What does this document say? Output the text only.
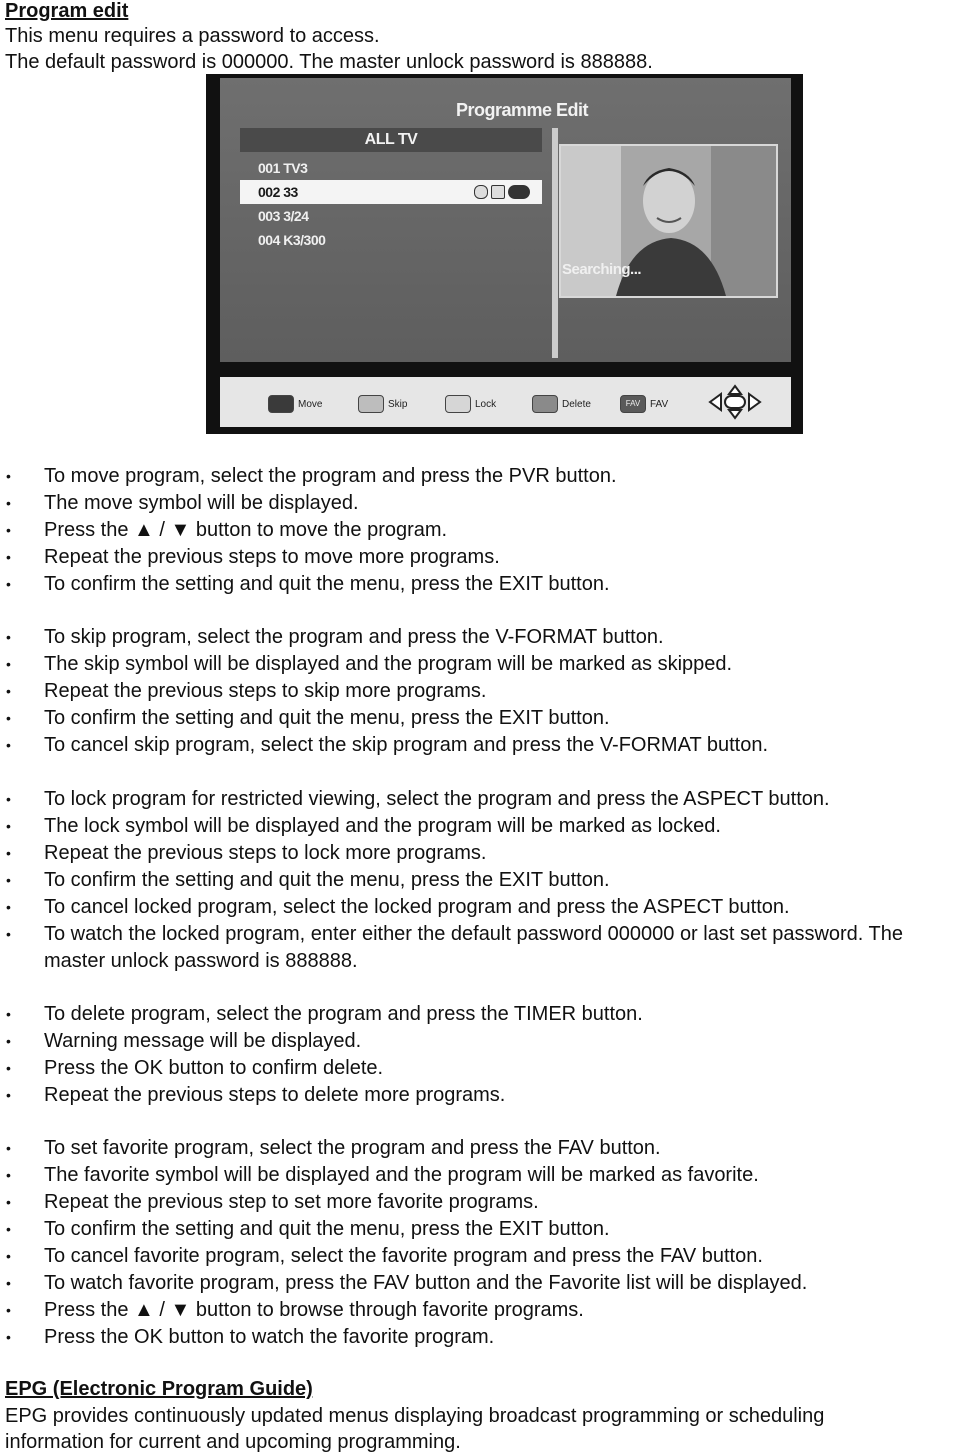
Program edit
This menu requires a password to access.
The default password is 000000. The master unlock password is 888888.
Programme Edit
ALL TV
001 TV3
002 33
003 3/24
004 K3/300
Searching...
Move	Skip	Lock	Delete	FAV FAV
• To move program, select the program and press the PVR button.
• The move symbol will be displayed.
• Press the ▲ / ▼ button to move the program.
• Repeat the previous steps to move more programs.
• To confirm the setting and quit the menu, press the EXIT button.
• To skip program, select the program and press the V-FORMAT button.
• The skip symbol will be displayed and the program will be marked as skipped.
• Repeat the previous steps to skip more programs.
• To confirm the setting and quit the menu, press the EXIT button.
• To cancel skip program, select the skip program and press the V-FORMAT button.
• To lock program for restricted viewing, select the program and press the ASPECT button.
• The lock symbol will be displayed and the program will be marked as locked.
• Repeat the previous steps to lock more programs.
• To confirm the setting and quit the menu, press the EXIT button.
• To cancel locked program, select the locked program and press the ASPECT button.
• To watch the locked program, enter either the default password 000000 or last set password. The master unlock password is 888888.
• To delete program, select the program and press the TIMER button.
• Warning message will be displayed.
• Press the OK button to confirm delete.
• Repeat the previous steps to delete more programs.
• To set favorite program, select the program and press the FAV button.
• The favorite symbol will be displayed and the program will be marked as favorite.
• Repeat the previous step to set more favorite programs.
• To confirm the setting and quit the menu, press the EXIT button.
• To cancel favorite program, select the favorite program and press the FAV button.
• To watch favorite program, press the FAV button and the Favorite list will be displayed.
• Press the ▲ / ▼ button to browse through favorite programs.
• Press the OK button to watch the favorite program.
EPG (Electronic Program Guide)
EPG provides continuously updated menus displaying broadcast programming or scheduling
information for current and upcoming programming.
